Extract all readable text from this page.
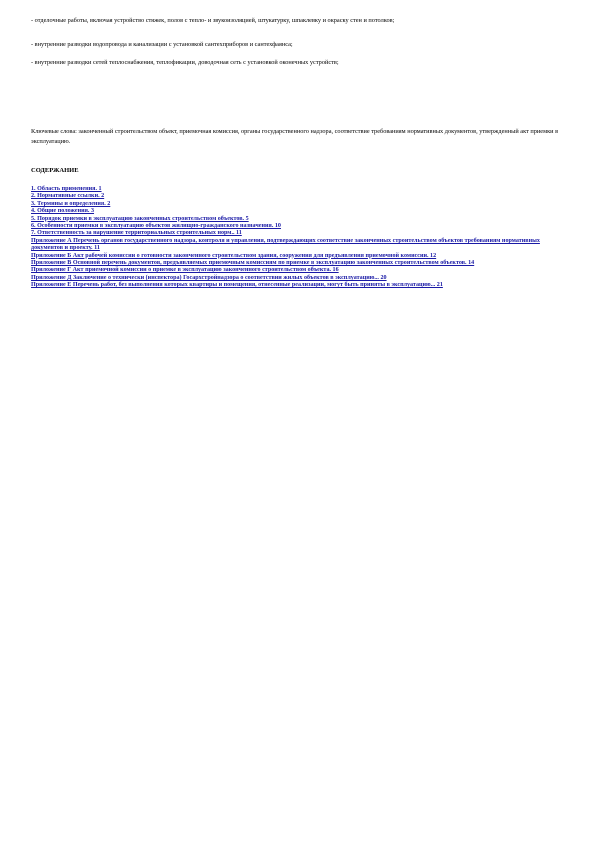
- отделочные работы, включая устройство стяжек, полов с тепло- и звукоизоляцией, штукатурку, шпаклевку и окраску стен и потолков;
- внутренние разводки водопровода и канализации с установкой сантехприборов и сантехфаянса;
- внутренние разводки сетей теплоснабжения, теплофикации, доводочная сеть с установкой оконечных устройств;
Ключевые слова: законченный строительством объект, приемочная комиссия, органы государственного надзора, соответствие требованиям нормативных документов, утвержденный акт приемки в эксплуатацию.
СОДЕРЖАНИЕ
1. Область применения. 1
2. Нормативные ссылки. 2
3. Термины и определения. 2
4. Общие положения. 3
5. Порядок приемки в эксплуатацию законченных строительством объектов. 5
6. Особенности приемки в эксплуатацию объектов жилищно-гражданского назначения. 10
7. Ответственность за нарушение территориальных строительных норм.. 11
Приложение А Перечень органов государственного надзора, контроля и управления, подтверждающих соответствие законченных строительством объектов требованиям нормативных документов и проекту. 11
Приложение Б Акт рабочей комиссии о готовности законченного строительством здания, сооружения для предъявления приемочной комиссии. 12
Приложение В Основной перечень документов, предъявляемых приемочным комиссиям по приемке в эксплуатацию законченных строительством объектов. 14
Приложение Г Акт приемочной комиссии о приемке в эксплуатацию законченного строительством объекта. 16
Приложение Д Заключение о технически (инспектора) Госархстройнадзора о соответствии жилых объектов в эксплуатацию... 20
Приложение Е Перечень работ, без выполнения которых квартиры и помещения, отнесенные реализации, могут быть приняты в эксплуатацию... 21
